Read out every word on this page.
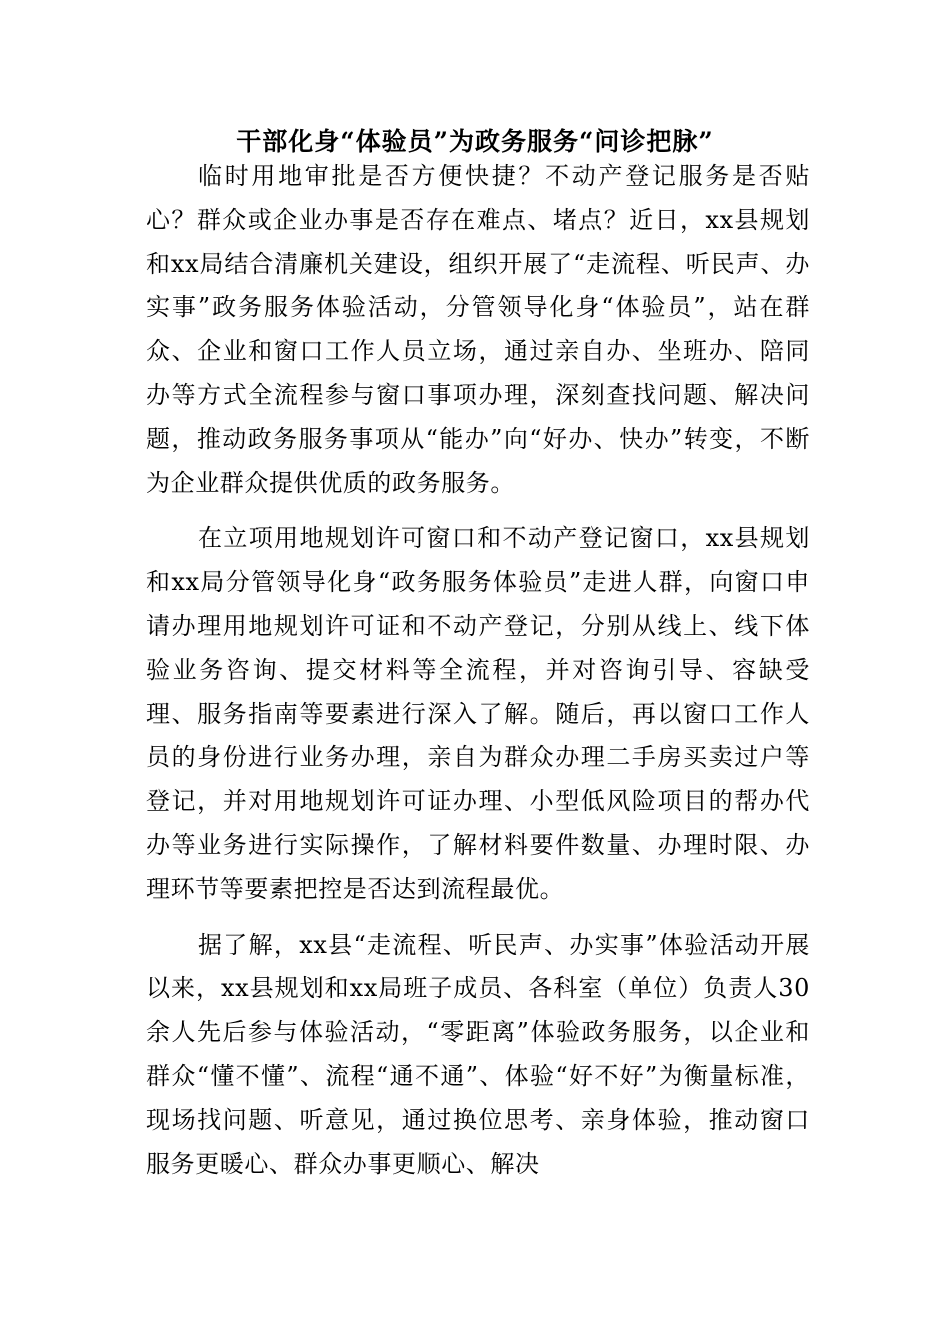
干部化身“体验员”为政务服务“问诊把脉”

临时用地审批是否方便快捷？不动产登记服务是否贴心？群众或企业办事是否存在难点、堵点？近日，xx县规划和xx局结合清廉机关建设，组织开展了“走流程、听民声、办实事”政务服务体验活动，分管领导化身“体验员”，站在群众、企业和窗口工作人员立场，通过亲自办、坐班办、陪同办等方式全流程参与窗口事项办理，深刻查找问题、解决问题，推动政务服务事项从“能办”向“好办、快办”转变，不断为企业群众提供优质的政务服务。

在立项用地规划许可窗口和不动产登记窗口，xx县规划和xx局分管领导化身“政务服务体验员”走进人群，向窗口申请办理用地规划许可证和不动产登记，分别从线上、线下体验业务咨询、提交材料等全流程，并对咨询引导、容缺受理、服务指南等要素进行深入了解。随后，再以窗口工作人员的身份进行业务办理，亲自为群众办理二手房买卖过户等登记，并对用地规划许可证办理、小型低风险项目的帮办代办等业务进行实际操作，了解材料要件数量、办理时限、办理环节等要素把控是否达到流程最优。

据了解，xx县“走流程、听民声、办实事”体验活动开展以来，xx县规划和xx局班子成员、各科室（单位）负责人30余人先后参与体验活动，“零距离”体验政务服务，以企业和群众“懂不懂”、流程“通不通”、体验“好不好”为衡量标准，现场找问题、听意见，通过换位思考、亲身体验，推动窗口服务更暖心、群众办事更顺心、解决
